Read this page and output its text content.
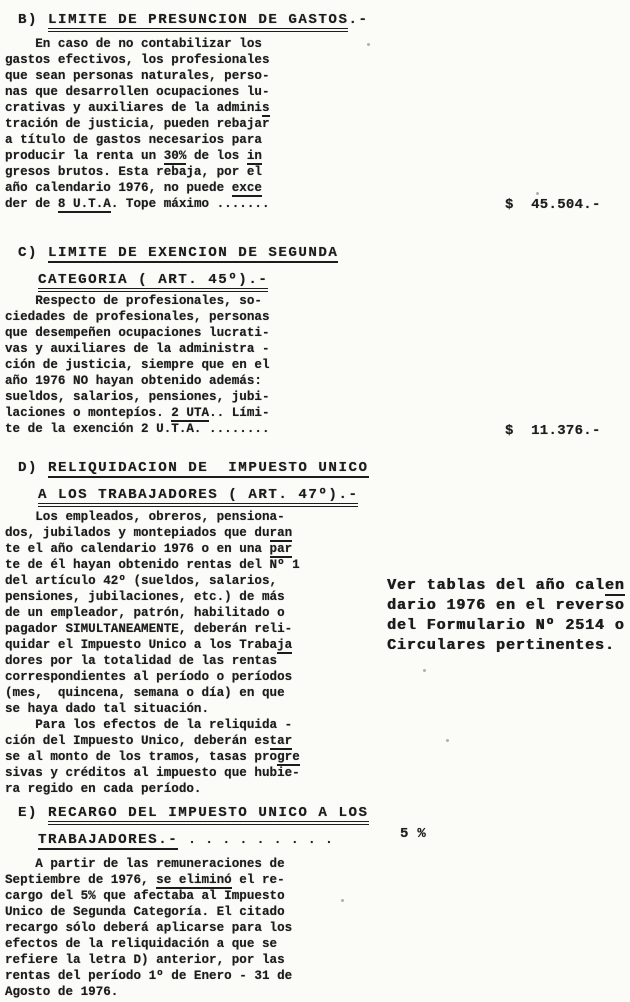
B) LIMITE DE PRESUNCION DE GASTOS.-
En caso de no contabilizar los
gastos efectivos, los profesionales
que sean personas naturales, perso-
nas que desarrollen ocupaciones lu-
crativas y auxiliares de la adminis
tración de justicia, pueden rebajar
a título de gastos necesarios para
producir la renta un 30% de los in
gresos brutos. Esta rebaja, por el
año calendario 1976, no puede exce
der de 8 U.T.A. Tope máximo .......	$  45.504.-
C) LIMITE DE EXENCION DE SEGUNDA
CATEGORIA ( ART. 45º).-
Respecto de profesionales, so-
ciedades de profesionales, personas
que desempeñen ocupaciones lucrati-
vas y auxiliares de la administra -
ción de justicia, siempre que en el
año 1976 NO hayan obtenido además:
sueldos, salarios, pensiones, jubi-
laciones o montepíos. 2 UTA.. Lími-
te de la exención 2 U.T.A. ........	$  11.376.-
D) RELIQUIDACION DE  IMPUESTO UNICO
A LOS TRABAJADORES ( ART. 47º).-
Los empleados, obreros, pensiona-
dos, jubilados y montepiados que duran
te el año calendario 1976 o en una par
te de él hayan obtenido rentas del Nº 1
del artículo 42º (sueldos, salarios,
pensiones, jubilaciones, etc.) de más
de un empleador, patrón, habilitado o
pagador SIMULTANEAMENTE, deberán reli-
quidar el Impuesto Unico a los Trabaja
dores por la totalidad de las rentas
correspondientes al período o períodos
(mes,  quincena, semana o día) en que
se haya dado tal situación.
Para los efectos de la reliquida -
ción del Impuesto Unico, deberán estar
se al monto de los tramos, tasas progre
sivas y créditos al impuesto que hubie-
ra regido en cada período.
Ver tablas del año calen
dario 1976 en el reverso
del Formulario Nº 2514 o
Circulares pertinentes.
E) RECARGO DEL IMPUESTO UNICO A LOS
TRABAJADORES.- . . . . . . . . .	5 %
A partir de las remuneraciones de
Septiembre de 1976, se eliminó el re-
cargo del 5% que afectaba al Impuesto
Unico de Segunda Categoría. El citado
recargo sólo deberá aplicarse para los
efectos de la reliquidación a que se
refiere la letra D) anterior, por las
rentas del período 1º de Enero - 31 de
Agosto de 1976.
